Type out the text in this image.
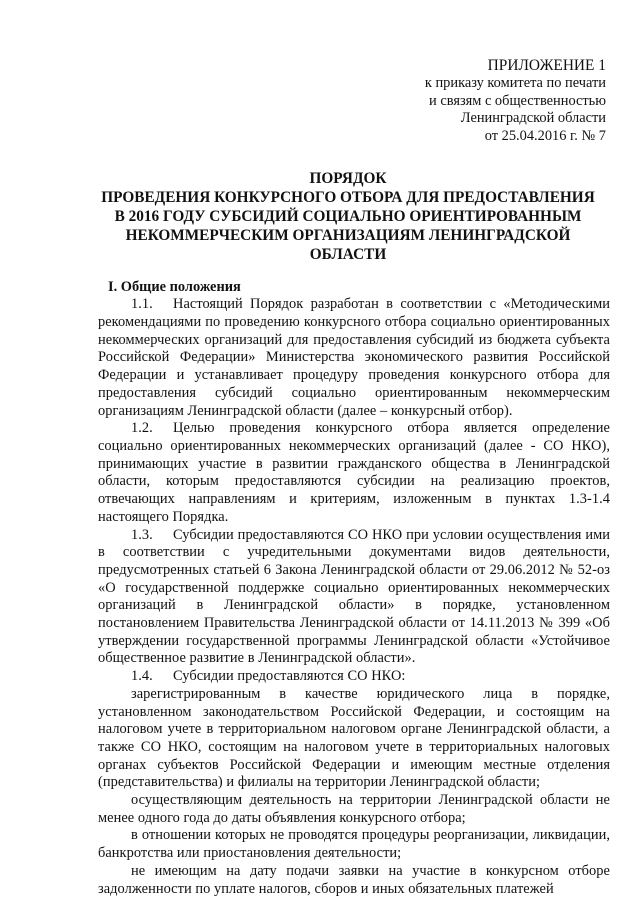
ПРИЛОЖЕНИЕ 1
к приказу комитета по печати
и связям с общественностью
Ленинградской области
от 25.04.2016 г. № 7
ПОРЯДОК
ПРОВЕДЕНИЯ КОНКУРСНОГО ОТБОРА ДЛЯ ПРЕДОСТАВЛЕНИЯ
В 2016 ГОДУ СУБСИДИЙ СОЦИАЛЬНО ОРИЕНТИРОВАННЫМ
НЕКОММЕРЧЕСКИМ ОРГАНИЗАЦИЯМ ЛЕНИНГРАДСКОЙ ОБЛАСТИ
I. Общие положения

1.1. Настоящий Порядок разработан в соответствии с «Методическими рекомендациями по проведению конкурсного отбора социально ориентированных некоммерческих организаций для предоставления субсидий из бюджета субъекта Российской Федерации» Министерства экономического развития Российской Федерации и устанавливает процедуру проведения конкурсного отбора для предоставления субсидий социально ориентированным некоммерческим организациям Ленинградской области (далее – конкурсный отбор).

1.2. Целью проведения конкурсного отбора является определение социально ориентированных некоммерческих организаций (далее - СО НКО), принимающих участие в развитии гражданского общества в Ленинградской области, которым предоставляются субсидии на реализацию проектов, отвечающих направлениям и критериям, изложенным в пунктах 1.3-1.4 настоящего Порядка.

1.3. Субсидии предоставляются СО НКО при условии осуществления ими в соответствии с учредительными документами видов деятельности, предусмотренных статьей 6 Закона Ленинградской области от 29.06.2012 № 52-оз «О государственной поддержке социально ориентированных некоммерческих организаций в Ленинградской области» в порядке, установленном постановлением Правительства Ленинградской области от 14.11.2013 № 399 «Об утверждении государственной программы Ленинградской области «Устойчивое общественное развитие в Ленинградской области».

1.4. Субсидии предоставляются СО НКО:

зарегистрированным в качестве юридического лица в порядке, установленном законодательством Российской Федерации, и состоящим на налоговом учете в территориальном налоговом органе Ленинградской области, а также СО НКО, состоящим на налоговом учете в территориальных налоговых органах субъектов Российской Федерации и имеющим местные отделения (представительства) и филиалы на территории Ленинградской области;

осуществляющим деятельность на территории Ленинградской области не менее одного года до даты объявления конкурсного отбора;

в отношении которых не проводятся процедуры реорганизации, ликвидации, банкротства или приостановления деятельности;

не имеющим на дату подачи заявки на участие в конкурсном отборе задолженности по уплате налогов, сборов и иных обязательных платежей
